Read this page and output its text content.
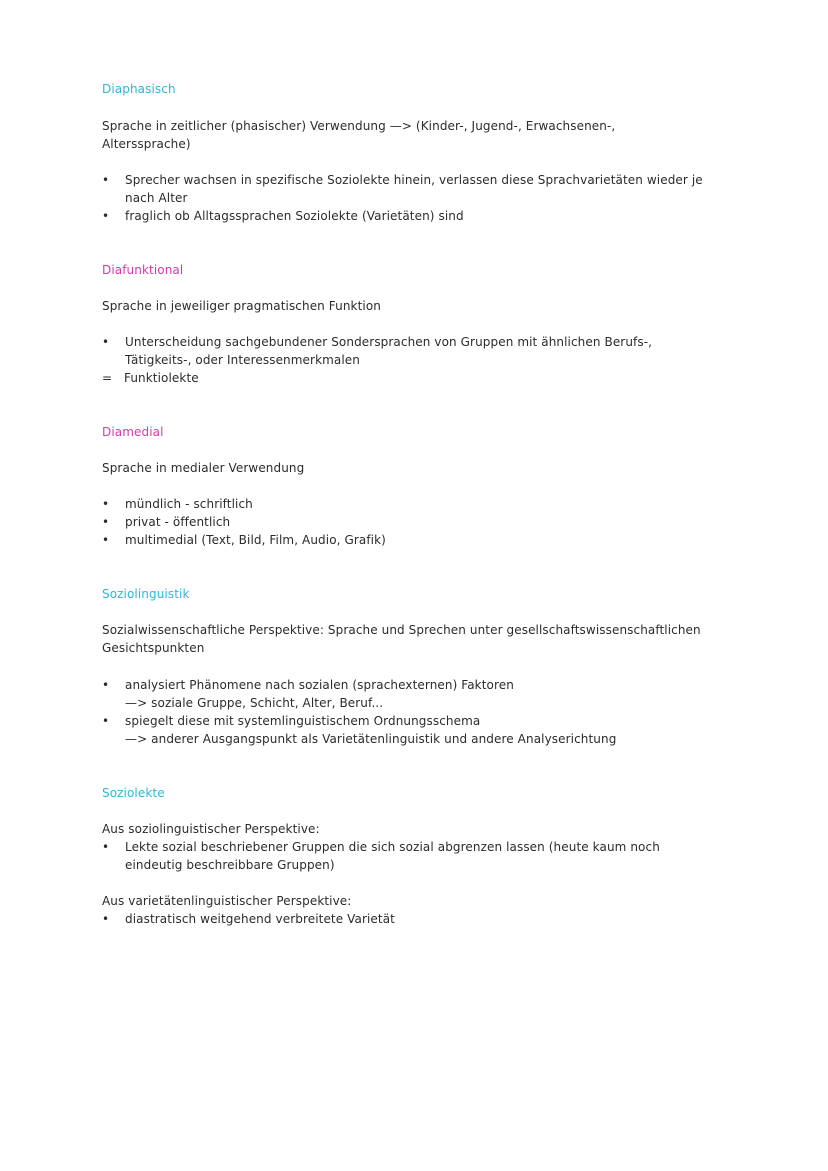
Diaphasisch
Sprache in zeitlicher (phasischer) Verwendung —> (Kinder-, Jugend-, Erwachsenen-,
Alterssprache)
• Sprecher wachsen in spezifische Soziolekte hinein, verlassen diese Sprachvarietäten wieder je
nach Alter
• fraglich ob Alltagssprachen Soziolekte (Varietäten) sind
Diafunktional
Sprache in jeweiliger pragmatischen Funktion
• Unterscheidung sachgebundener Sondersprachen von Gruppen mit ähnlichen Berufs-,
Tätigkeits-, oder Interessenmerkmalen
= Funktiolekte
Diamedial
Sprache in medialer Verwendung
• mündlich - schriftlich
• privat - öffentlich
• multimedial (Text, Bild, Film, Audio, Grafik)
Soziolinguistik
Sozialwissenschaftliche Perspektive: Sprache und Sprechen unter gesellschaftswissenschaftlichen
Gesichtspunkten
• analysiert Phänomene nach sozialen (sprachexternen) Faktoren
—> soziale Gruppe, Schicht, Alter, Beruf...
• spiegelt diese mit systemlinguistischem Ordnungsschema
—> anderer Ausgangspunkt als Varietätenlinguistik und andere Analyserichtung
Soziolekte
Aus soziolinguistischer Perspektive:
• Lekte sozial beschriebener Gruppen die sich sozial abgrenzen lassen (heute kaum noch
eindeutig beschreibbare Gruppen)
Aus varietätenlinguistischer Perspektive:
• diastratisch weitgehend verbreitete Varietät
